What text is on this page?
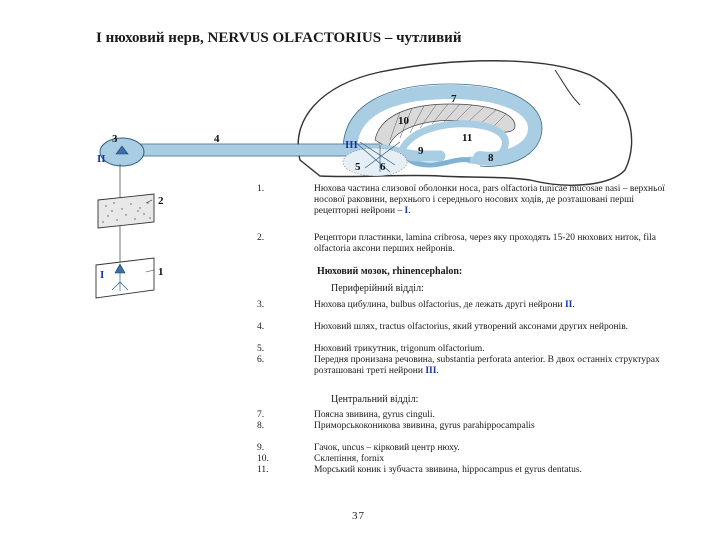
І нюховий нерв, NERVUS OLFACTORIUS – чутливий
3	4
7
10
11
9
8
5 6
2
1
III
II
I
1.	Нюхова частина слизової оболонки носа, pars olfactoria tunicae mucosae nasi – верхньої носової раковини, верхнього і середнього носових ходів, де розташовані перші рецепторні нейрони – I.
2.	Рецептори пластинки, lamina cribrosa, через яку проходять 15-20 нюхових ниток, fila olfactoria аксони перших нейронів.
Нюховий мозок, rhinencephalon:
Периферійний відділ:
3.	Нюхова цибулина, bulbus olfactorius, де лежать другі нейрони II.
4.	Нюховий шлях, tractus olfactorius, який утворений аксонами других нейронів.
5.	Нюховий трикутник, trigonum olfactorium.
6.	Передня пронизана речовина, substantia perforata anterior. В двох останніх структурах розташовані треті нейрони III.
Центральний відділ:
7.	Поясна звивина, gyrus cinguli.
8.	Приморськоконикова звивина, gyrus parahippocampalis
9.	Гачок, uncus – кірковий центр нюху.
10.	Склепіння, fornix
11.	Морський коник і зубчаста звивина, hippocampus et gyrus dentatus.
37
